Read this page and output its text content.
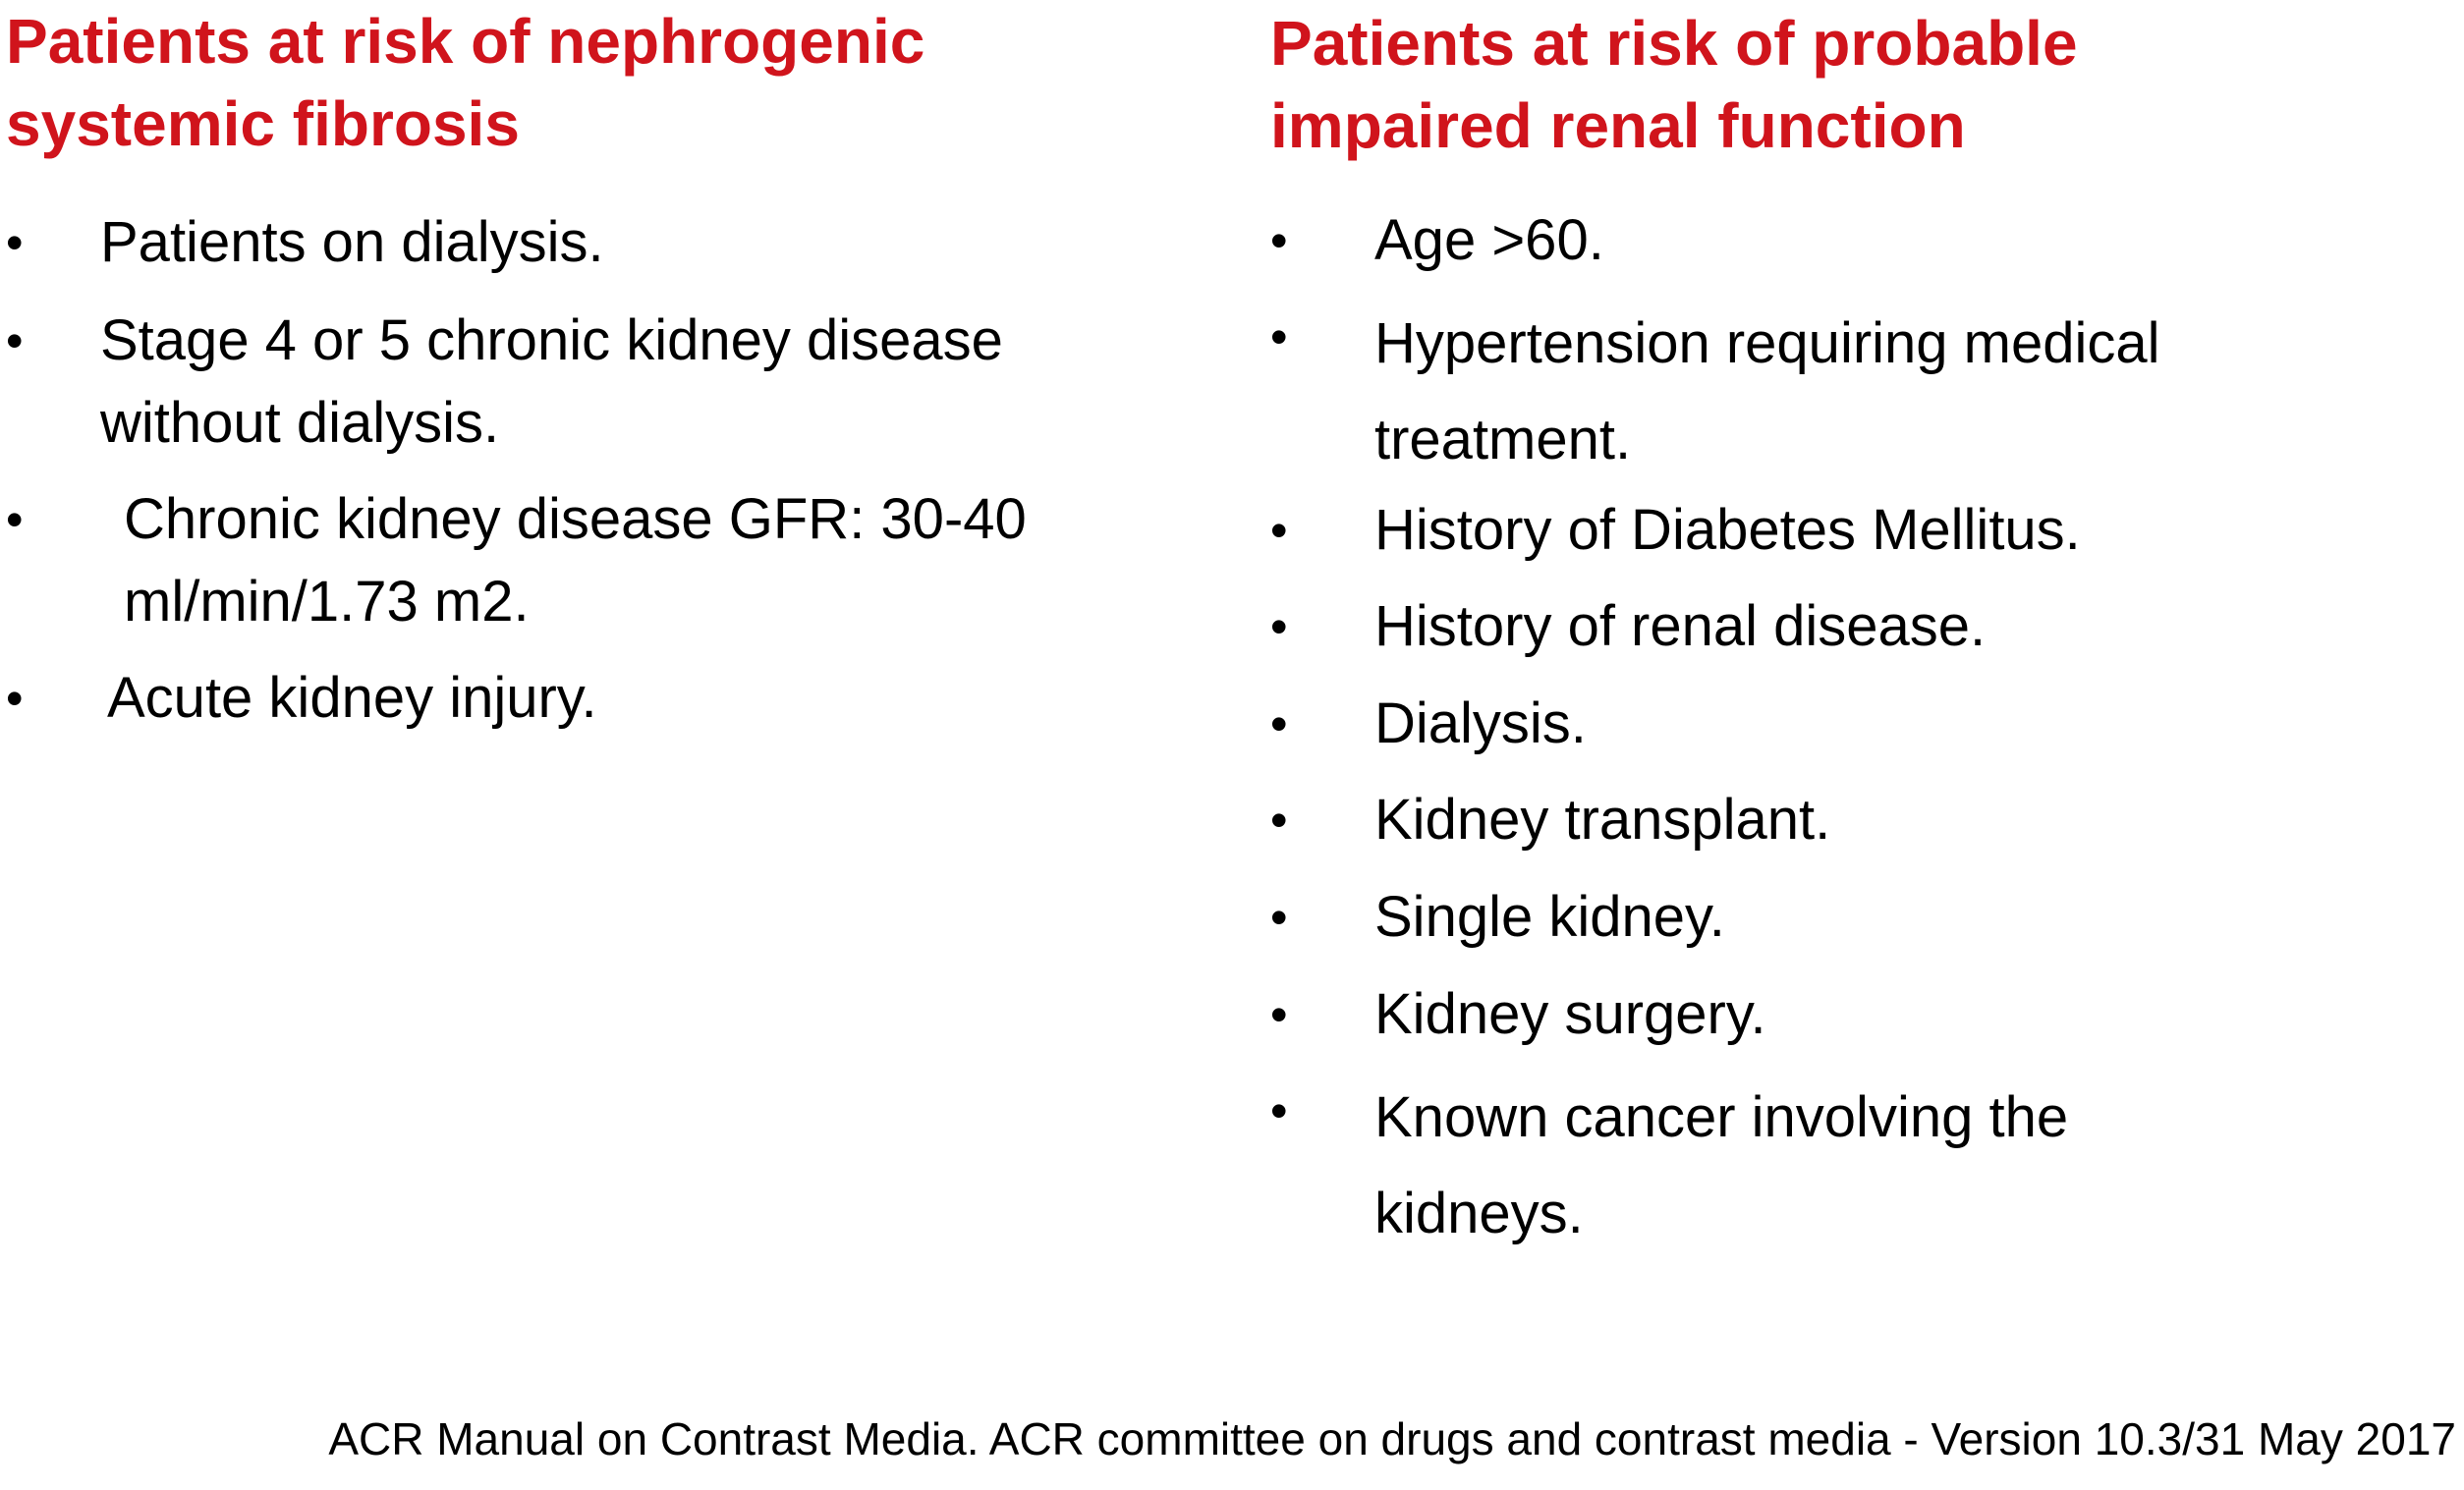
Patients at risk of nephrogenic
systemic fibrosis
• Patients on dialysis.
• Stage 4 or 5 chronic kidney disease
without dialysis.
• Chronic kidney disease GFR: 30-40
ml/min/1.73 m2.
• Acute kidney injury.
Patients at risk of probable
impaired renal function
• Age >60.
• Hypertension requiring medical
treatment.
• History of Diabetes Mellitus.
• History of renal disease.
• Dialysis.
• Kidney transplant.
• Single kidney.
• Kidney surgery.
• Known cancer involving the
kidneys.
ACR Manual on Contrast Media. ACR committee on drugs and contrast media - Version 10.3/31 May 2017
